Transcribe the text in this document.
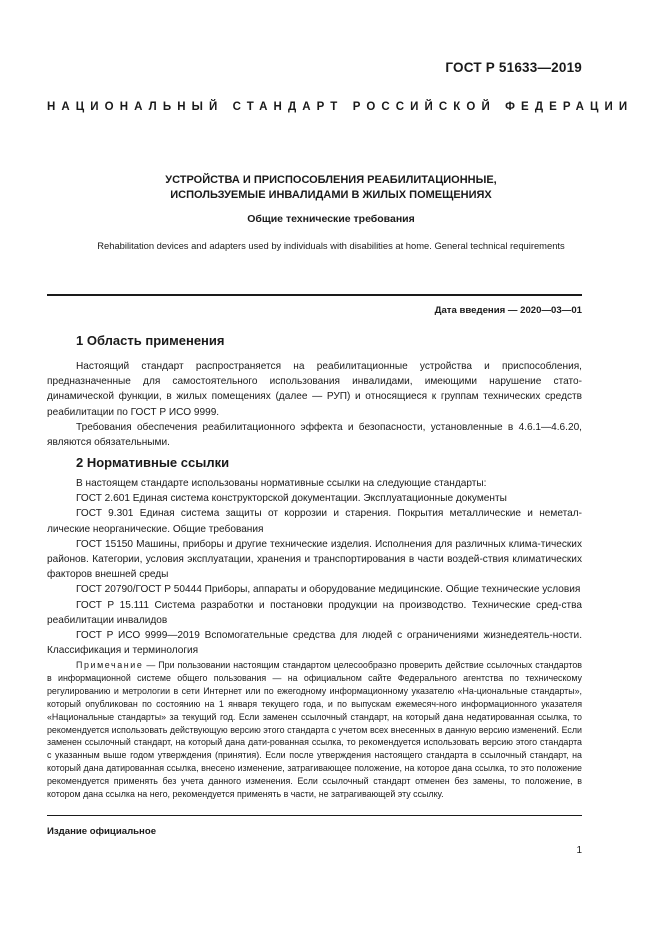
ГОСТ Р 51633—2019
НАЦИОНАЛЬНЫЙ СТАНДАРТ РОССИЙСКОЙ ФЕДЕРАЦИИ
УСТРОЙСТВА И ПРИСПОСОБЛЕНИЯ РЕАБИЛИТАЦИОННЫЕ,
ИСПОЛЬЗУЕМЫЕ ИНВАЛИДАМИ В ЖИЛЫХ ПОМЕЩЕНИЯХ
Общие технические требования
Rehabilitation devices and adapters used by individuals with disabilities at home. General technical requirements
Дата введения — 2020—03—01
1 Область применения
Настоящий стандарт распространяется на реабилитационные устройства и приспособления, предназначенные для самостоятельного использования инвалидами, имеющими нарушение стато-динамической функции, в жилых помещениях (далее — РУП) и относящиеся к группам технических средств реабилитации по ГОСТ Р ИСО 9999.
Требования обеспечения реабилитационного эффекта и безопасности, установленные в 4.6.1—4.6.20, являются обязательными.
2 Нормативные ссылки
В настоящем стандарте использованы нормативные ссылки на следующие стандарты:
ГОСТ 2.601 Единая система конструкторской документации. Эксплуатационные документы
ГОСТ 9.301 Единая система защиты от коррозии и старения. Покрытия металлические и неметал-лические неорганические. Общие требования
ГОСТ 15150 Машины, приборы и другие технические изделия. Исполнения для различных клима-тических районов. Категории, условия эксплуатации, хранения и транспортирования в части воздей-ствия климатических факторов внешней среды
ГОСТ 20790/ГОСТ Р 50444 Приборы, аппараты и оборудование медицинские. Общие технические условия
ГОСТ Р 15.111 Система разработки и постановки продукции на производство. Технические сред-ства реабилитации инвалидов
ГОСТ Р ИСО 9999—2019 Вспомогательные средства для людей с ограничениями жизнедеятель-ности. Классификация и терминология
Примечание — При пользовании настоящим стандартом целесообразно проверить действие ссылочных стандартов в информационной системе общего пользования — на официальном сайте Федерального агентства по техническому регулированию и метрологии в сети Интернет или по ежегодному информационному указателю «На-циональные стандарты», который опубликован по состоянию на 1 января текущего года, и по выпускам ежемесяч-ного информационного указателя «Национальные стандарты» за текущий год. Если заменен ссылочный стандарт, на который дана недатированная ссылка, то рекомендуется использовать действующую версию этого стандарта с учетом всех внесенных в данную версию изменений. Если заменен ссылочный стандарт, на который дана дати-рованная ссылка, то рекомендуется использовать версию этого стандарта с указанным выше годом утверждения (принятия). Если после утверждения настоящего стандарта в ссылочный стандарт, на который дана датированная ссылка, внесено изменение, затрагивающее положение, на которое дана ссылка, то это положение рекомендуется применять без учета данного изменения. Если ссылочный стандарт отменен без замены, то положение, в котором дана ссылка на него, рекомендуется применять в части, не затрагивающей эту ссылку.
Издание официальное
1
